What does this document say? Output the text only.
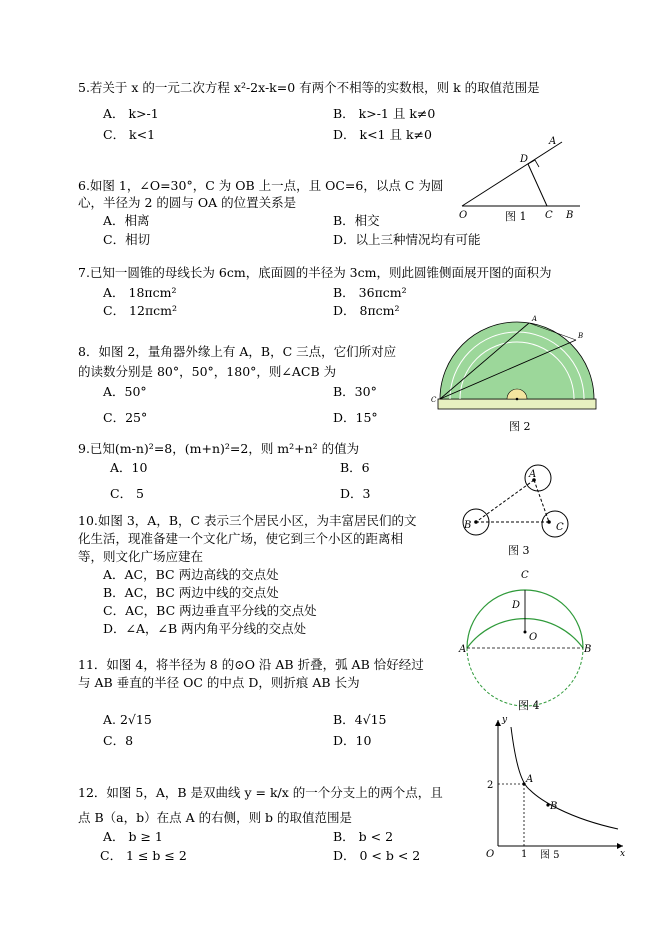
5.若关于 x 的一元二次方程 x²-2x-k=0 有两个不相等的实数根，则 k 的取值范围是
A． k>-1	B． k>-1 且 k≠0
C． k<1	D． k<1 且 k≠0
6.如图 1，∠O=30°，C 为 OB 上一点，且 OC=6，以点 C 为圆
心，半径为 2 的圆与 OA 的位置关系是
A．相离	B．相交
C．相切	D．以上三种情况均有可能
O	C B
A
D
图 1
7.已知一圆锥的母线长为 6cm，底面圆的半径为 3cm，则此圆锥侧面展开图的面积为
A． 18πcm²	B． 36πcm²
C． 12πcm²	D． 8πcm²
8．如图 2，量角器外缘上有 A，B，C 三点，它们所对应
的读数分别是 80°，50°，180°，则∠ACB 为
A．50°	B．30°
C．25°	D．15°
A
B
C
图 2
9.已知(m-n)²=8，(m+n)²=2，则 m²+n² 的值为
A．10	B．6
C． 5	D．3
10.如图 3，A，B，C 表示三个居民小区，为丰富居民们的文
化生活，现准备建一个文化广场，使它到三个小区的距离相
等，则文化广场应建在
A．AC，BC 两边高线的交点处
B．AC，BC 两边中线的交点处
C．AC，BC 两边垂直平分线的交点处
D．∠A，∠B 两内角平分线的交点处
A
B	C
图 3
11．如图 4，将半径为 8 的⊙O 沿 AB 折叠，弧 AB 恰好经过
与 AB 垂直的半径 OC 的中点 D，则折痕 AB 长为
A. 2√15	B．4√15
C．8	D．10
C
D
O
A	B
图 4
12．如图 5，A，B 是双曲线 y = k/x 的一个分支上的两个点，且
点 B（a，b）在点 A 的右侧，则 b 的取值范围是
A． b ≥ 1	B． b < 2
C． 1 ≤ b ≤ 2	D． 0 < b < 2
y
x
O
2
1
A
B
图 5
